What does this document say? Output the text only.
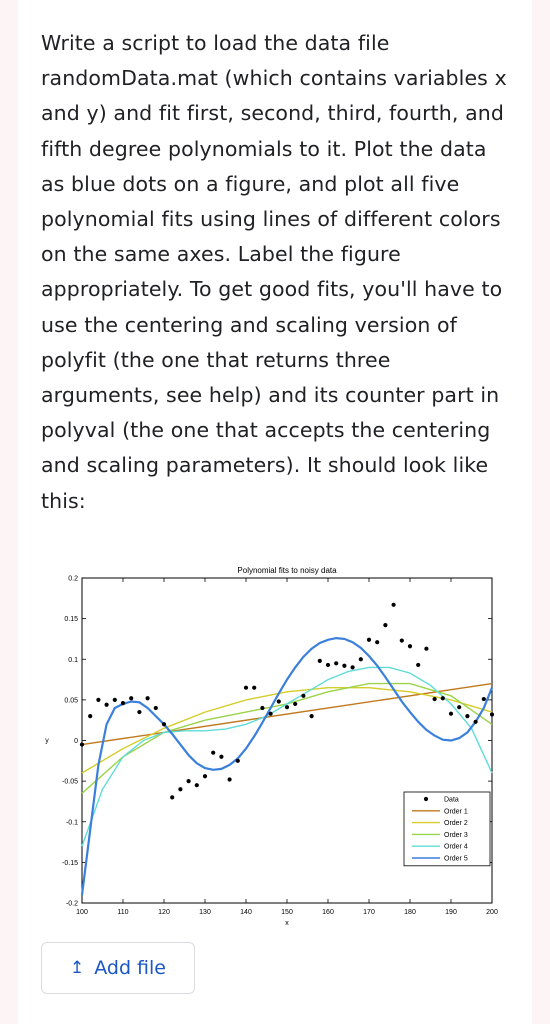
Write a script to load the data file randomData.mat (which contains variables x and y) and fit first, second, third, fourth, and fifth degree polynomials to it. Plot the data as blue dots on a figure, and plot all five polynomial fits using lines of different colors on the same axes. Label the figure appropriately. To get good fits, you'll have to use the centering and scaling version of polyfit (the one that returns three arguments, see help) and its counter part in polyval (the one that accepts the centering and scaling parameters). It should look like this:

Polynomial fits to noisy data
100	110	120	130	140	150	160	170	180	190	200
-0.2
-0.15
-0.1
-0.05
0
0.05
0.1
0.15
0.2
x
y
Data
Order 1
Order 2
Order 3
Order 4
Order 5
↥ Add file
